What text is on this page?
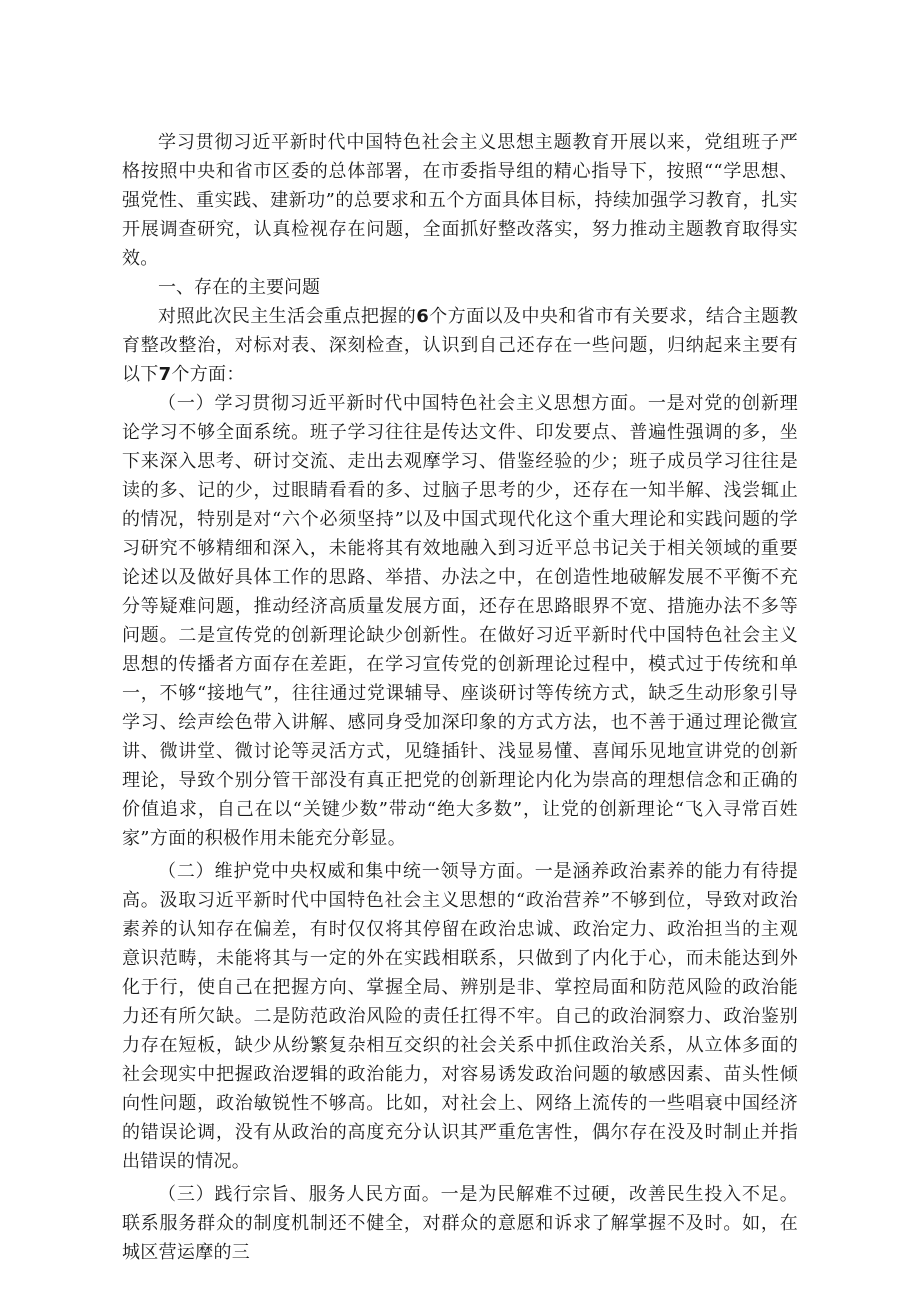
学习贯彻习近平新时代中国特色社会主义思想主题教育开展以来，党组班子严格按照中央和省市区委的总体部署，在市委指导组的精心指导下，按照““学思想、强党性、重实践、建新功”的总要求和五个方面具体目标，持续加强学习教育，扎实开展调查研究，认真检视存在问题，全面抓好整改落实，努力推动主题教育取得实效。

一、存在的主要问题

对照此次民主生活会重点把握的6个方面以及中央和省市有关要求，结合主题教育整改整治，对标对表、深刻检查，认识到自己还存在一些问题，归纳起来主要有以下7个方面：

（一）学习贯彻习近平新时代中国特色社会主义思想方面。一是对党的创新理论学习不够全面系统。班子学习往往是传达文件、印发要点、普遍性强调的多，坐下来深入思考、研讨交流、走出去观摩学习、借鉴经验的少；班子成员学习往往是读的多、记的少，过眼睛看看的多、过脑子思考的少，还存在一知半解、浅尝辄止的情况，特别是对“六个必须坚持”以及中国式现代化这个重大理论和实践问题的学习研究不够精细和深入，未能将其有效地融入到习近平总书记关于相关领域的重要论述以及做好具体工作的思路、举措、办法之中，在创造性地破解发展不平衡不充分等疑难问题，推动经济高质量发展方面，还存在思路眼界不宽、措施办法不多等问题。二是宣传党的创新理论缺少创新性。在做好习近平新时代中国特色社会主义思想的传播者方面存在差距，在学习宣传党的创新理论过程中，模式过于传统和单一，不够“接地气”，往往通过党课辅导、座谈研讨等传统方式，缺乏生动形象引导学习、绘声绘色带入讲解、感同身受加深印象的方式方法，也不善于通过理论微宣讲、微讲堂、微讨论等灵活方式，见缝插针、浅显易懂、喜闻乐见地宣讲党的创新理论，导致个别分管干部没有真正把党的创新理论内化为崇高的理想信念和正确的价值追求，自己在以“关键少数”带动“绝大多数”，让党的创新理论“飞入寻常百姓家”方面的积极作用未能充分彰显。

（二）维护党中央权威和集中统一领导方面。一是涵养政治素养的能力有待提高。汲取习近平新时代中国特色社会主义思想的“政治营养”不够到位，导致对政治素养的认知存在偏差，有时仅仅将其停留在政治忠诚、政治定力、政治担当的主观意识范畴，未能将其与一定的外在实践相联系，只做到了内化于心，而未能达到外化于行，使自己在把握方向、掌握全局、辨别是非、掌控局面和防范风险的政治能力还有所欠缺。二是防范政治风险的责任扛得不牢。自己的政治洞察力、政治鉴别力存在短板，缺少从纷繁复杂相互交织的社会关系中抓住政治关系，从立体多面的社会现实中把握政治逻辑的政治能力，对容易诱发政治问题的敏感因素、苗头性倾向性问题，政治敏锐性不够高。比如，对社会上、网络上流传的一些唱衰中国经济的错误论调，没有从政治的高度充分认识其严重危害性，偶尔存在没及时制止并指出错误的情况。

（三）践行宗旨、服务人民方面。一是为民解难不过硬，改善民生投入不足。联系服务群众的制度机制还不健全，对群众的意愿和诉求了解掌握不及时。如，在城区营运摩的三
